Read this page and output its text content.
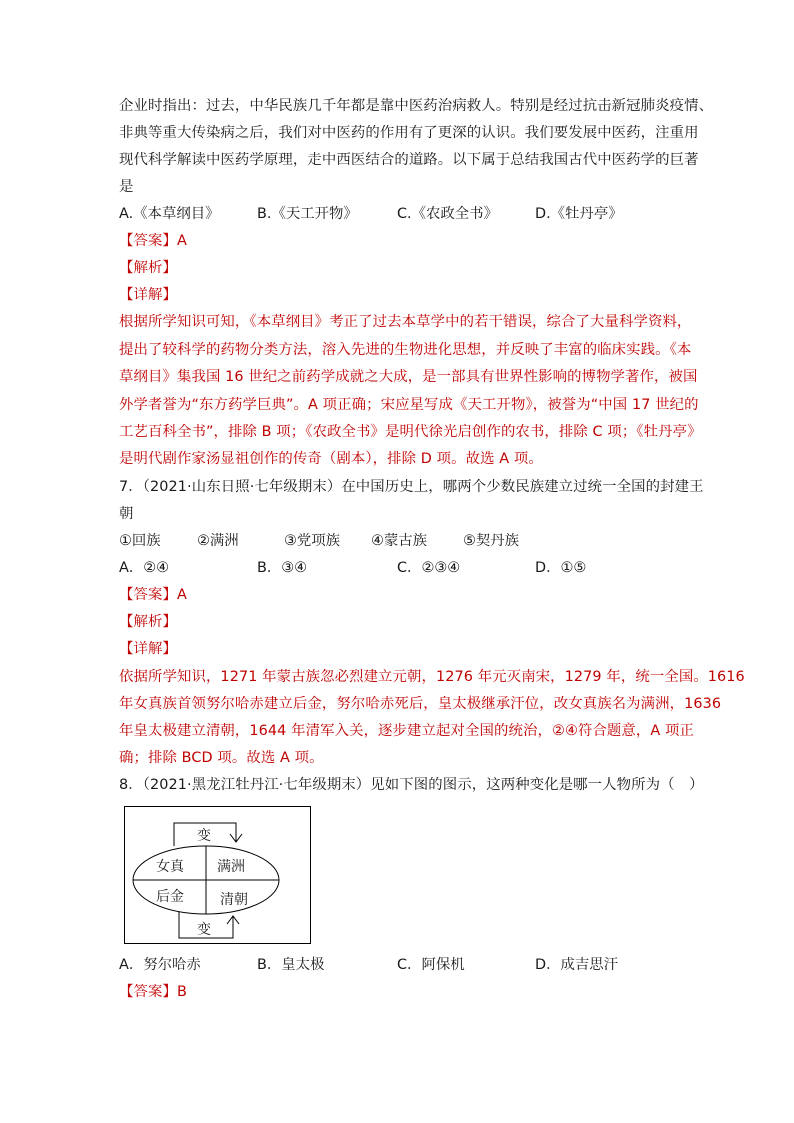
企业时指出：过去，中华民族几千年都是靠中医药治病救人。特别是经过抗击新冠肺炎疫情、
非典等重大传染病之后，我们对中医药的作用有了更深的认识。我们要发展中医药，注重用
现代科学解读中医药学原理，走中西医结合的道路。以下属于总结我国古代中医药学的巨著
是
A.《本草纲目》	B.《天工开物》	C.《农政全书》	D.《牡丹亭》
【答案】A
【解析】
【详解】
根据所学知识可知，《本草纲目》考正了过去本草学中的若干错误，综合了大量科学资料，
提出了较科学的药物分类方法，溶入先进的生物进化思想，并反映了丰富的临床实践。《本
草纲目》集我国 16 世纪之前药学成就之大成，是一部具有世界性影响的博物学著作，被国
外学者誉为“东方药学巨典”。A 项正确；宋应星写成《天工开物》，被誉为“中国 17 世纪的
工艺百科全书”，排除 B 项；《农政全书》是明代徐光启创作的农书，排除 C 项；《牡丹亭》
是明代剧作家汤显祖创作的传奇（剧本），排除 D 项。故选 A 项。
7．（2021·山东日照·七年级期末）在中国历史上，哪两个少数民族建立过统一全国的封建王
朝
①回族	②满洲	③党项族 ④蒙古族 ⑤契丹族
A．②④	B．③④	C．②③④	D．①⑤
【答案】A
【解析】
【详解】
依据所学知识，1271 年蒙古族忽必烈建立元朝，1276 年元灭南宋，1279 年，统一全国。1616
年女真族首领努尔哈赤建立后金，努尔哈赤死后，皇太极继承汗位，改女真族名为满洲，1636
年皇太极建立清朝，1644 年清军入关，逐步建立起对全国的统治，②④符合题意，A 项正
确；排除 BCD 项。故选 A 项。
8．（2021·黑龙江牡丹江·七年级期末）见如下图的图示，这两种变化是哪一人物所为（　）
变
女真 满洲
后金	清朝
变
A．努尔哈赤	B．皇太极	C．阿保机	D．成吉思汗
【答案】B
